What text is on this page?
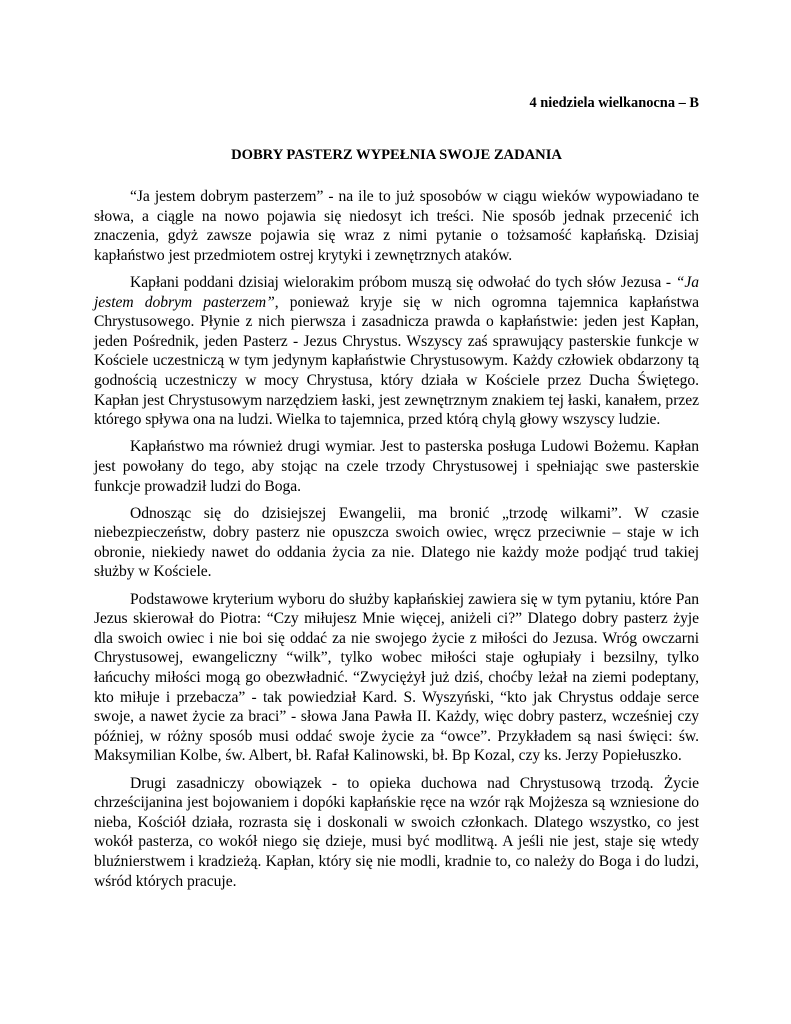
4 niedziela wielkanocna – B
DOBRY PASTERZ WYPEŁNIA SWOJE ZADANIA

“Ja jestem dobrym pasterzem” - na ile to już sposobów w ciągu wieków wypowiadano te słowa, a ciągle na nowo pojawia się niedosyt ich treści. Nie sposób jednak przecenić ich znaczenia, gdyż zawsze pojawia się wraz z nimi pytanie o tożsamość kapłańską. Dzisiaj kapłaństwo jest przedmiotem ostrej krytyki i zewnętrznych ataków.

Kapłani poddani dzisiaj wielorakim próbom muszą się odwołać do tych słów Jezusa - “Ja jestem dobrym pasterzem”, ponieważ kryje się w nich ogromna tajemnica kapłaństwa Chrystusowego. Płynie z nich pierwsza i zasadnicza prawda o kapłaństwie: jeden jest Kapłan, jeden Pośrednik, jeden Pasterz - Jezus Chrystus. Wszyscy zaś sprawujący pasterskie funkcje w Kościele uczestniczą w tym jedynym kapłaństwie Chrystusowym. Każdy człowiek obdarzony tą godnością uczestniczy w mocy Chrystusa, który działa w Kościele przez Ducha Świętego. Kapłan jest Chrystusowym narzędziem łaski, jest zewnętrznym znakiem tej łaski, kanałem, przez którego spływa ona na ludzi. Wielka to tajemnica, przed którą chylą głowy wszyscy ludzie.

Kapłaństwo ma również drugi wymiar. Jest to pasterska posługa Ludowi Bożemu. Kapłan jest powołany do tego, aby stojąc na czele trzody Chrystusowej i spełniając swe pasterskie funkcje prowadził ludzi do Boga.

Odnosząc się do dzisiejszej Ewangelii, ma bronić „trzodę wilkami”. W czasie niebezpieczeństw, dobry pasterz nie opuszcza swoich owiec, wręcz przeciwnie – staje w ich obronie, niekiedy nawet do oddania życia za nie. Dlatego nie każdy może podjąć trud takiej służby w Kościele.

Podstawowe kryterium wyboru do służby kapłańskiej zawiera się w tym pytaniu, które Pan Jezus skierował do Piotra: “Czy miłujesz Mnie więcej, aniżeli ci?” Dlatego dobry pasterz żyje dla swoich owiec i nie boi się oddać za nie swojego życie z miłości do Jezusa. Wróg owczarni Chrystusowej, ewangeliczny “wilk”, tylko wobec miłości staje ogłupiały i bezsilny, tylko łańcuchy miłości mogą go obezwładnić. “Zwyciężył już dziś, choćby leżał na ziemi podeptany, kto miłuje i przebacza” - tak powiedział Kard. S. Wyszyński, “kto jak Chrystus oddaje serce swoje, a nawet życie za braci” - słowa Jana Pawła II. Każdy, więc dobry pasterz, wcześniej czy później, w różny sposób musi oddać swoje życie za “owce”. Przykładem są nasi święci: św. Maksymilian Kolbe, św. Albert, bł. Rafał Kalinowski, bł. Bp Kozal, czy ks. Jerzy Popiełuszko.

Drugi zasadniczy obowiązek - to opieka duchowa nad Chrystusową trzodą. Życie chrześcijanina jest bojowaniem i dopóki kapłańskie ręce na wzór rąk Mojżesza są wzniesione do nieba, Kościół działa, rozrasta się i doskonali w swoich członkach. Dlatego wszystko, co jest wokół pasterza, co wokół niego się dzieje, musi być modlitwą. A jeśli nie jest, staje się wtedy bluźnierstwem i kradzieżą. Kapłan, który się nie modli, kradnie to, co należy do Boga i do ludzi, wśród których pracuje.
